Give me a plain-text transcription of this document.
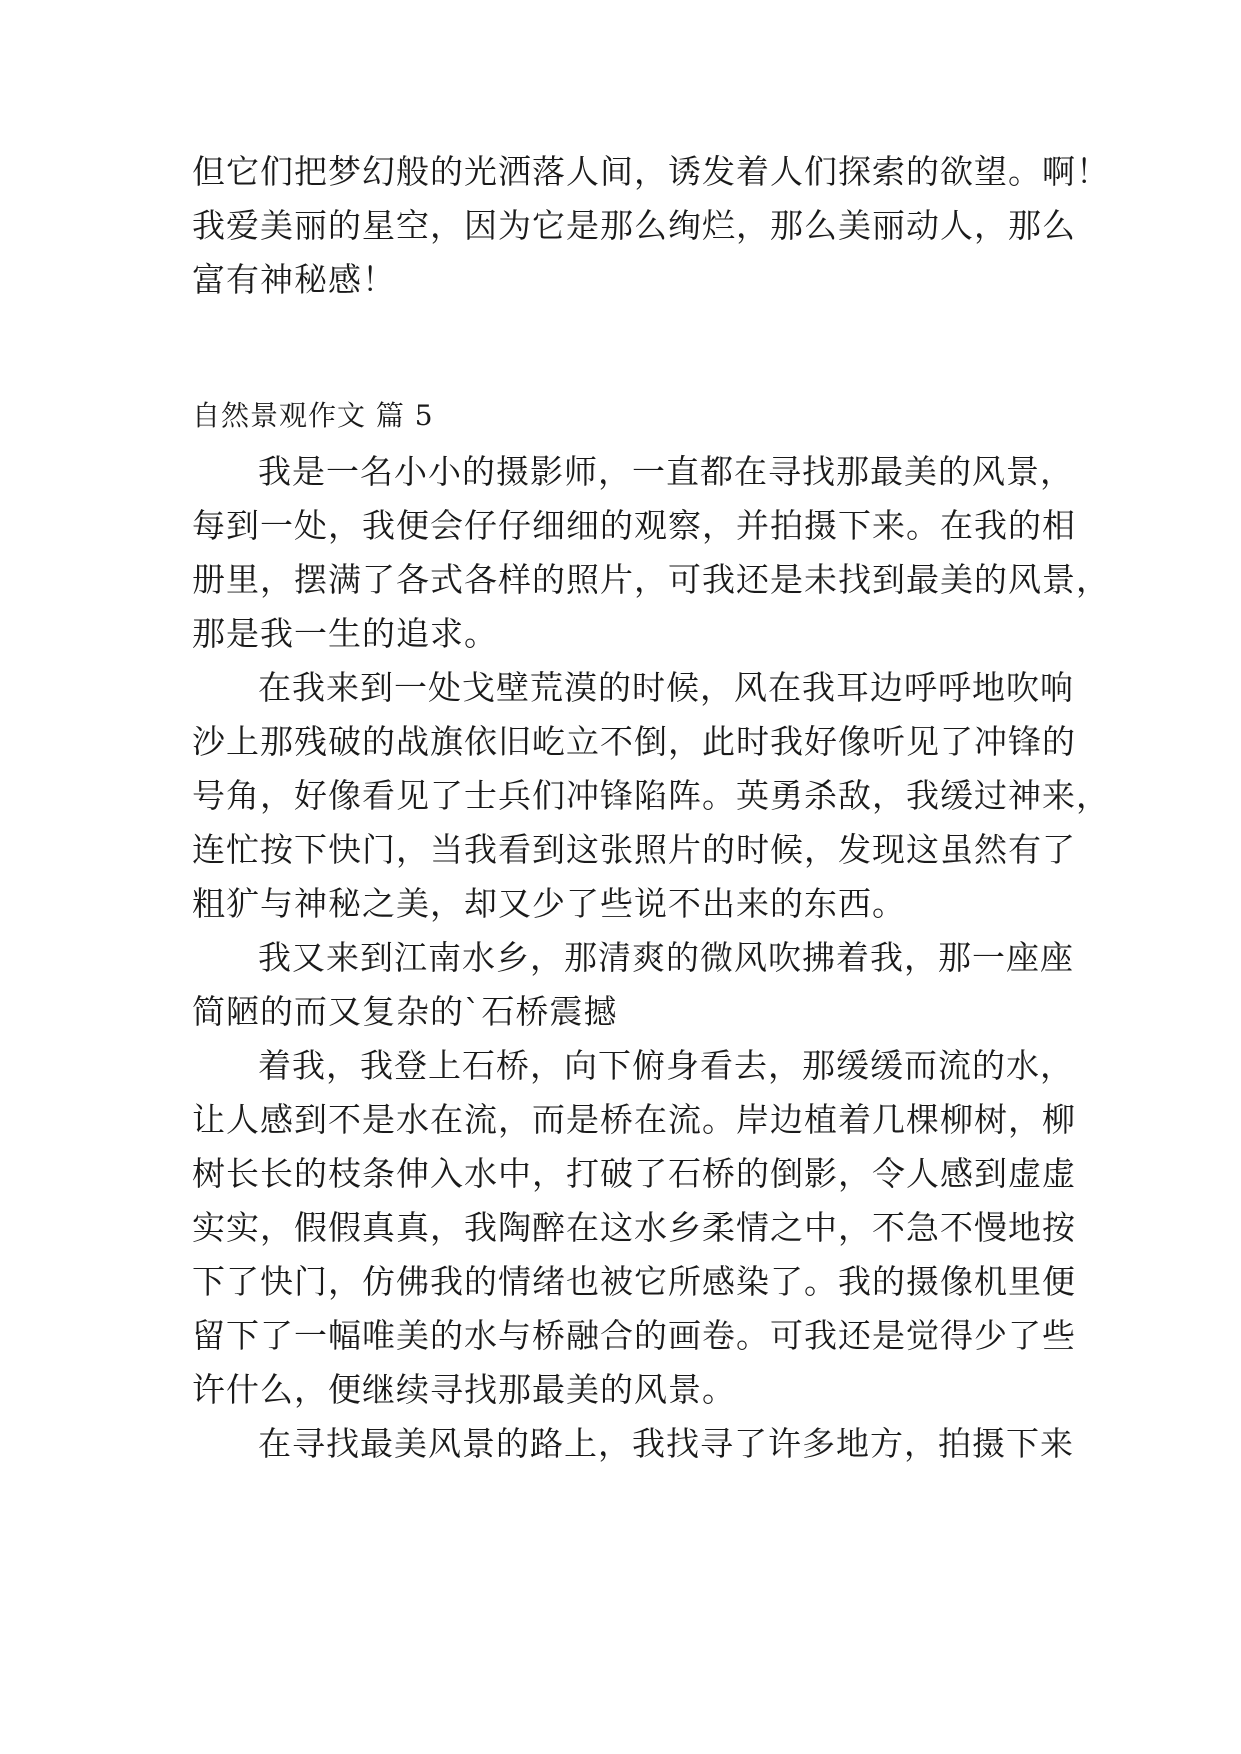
但它们把梦幻般的光洒落人间，诱发着人们探索的欲望。啊！
我爱美丽的星空，因为它是那么绚烂，那么美丽动人，那么
富有神秘感！
自然景观作文 篇 5
我是一名小小的摄影师，一直都在寻找那最美的风景，
每到一处，我便会仔仔细细的观察，并拍摄下来。在我的相
册里，摆满了各式各样的照片，可我还是未找到最美的风景，
那是我一生的追求。
在我来到一处戈壁荒漠的时候，风在我耳边呼呼地吹响
沙上那残破的战旗依旧屹立不倒，此时我好像听见了冲锋的
号角，好像看见了士兵们冲锋陷阵。英勇杀敌，我缓过神来，
连忙按下快门，当我看到这张照片的时候，发现这虽然有了
粗犷与神秘之美，却又少了些说不出来的东西。
我又来到江南水乡，那清爽的微风吹拂着我，那一座座
简陋的而又复杂的`石桥震撼
着我，我登上石桥，向下俯身看去，那缓缓而流的水，
让人感到不是水在流，而是桥在流。岸边植着几棵柳树，柳
树长长的枝条伸入水中，打破了石桥的倒影，令人感到虚虚
实实，假假真真，我陶醉在这水乡柔情之中，不急不慢地按
下了快门，仿佛我的情绪也被它所感染了。我的摄像机里便
留下了一幅唯美的水与桥融合的画卷。可我还是觉得少了些
许什么，便继续寻找那最美的风景。
在寻找最美风景的路上，我找寻了许多地方，拍摄下来
